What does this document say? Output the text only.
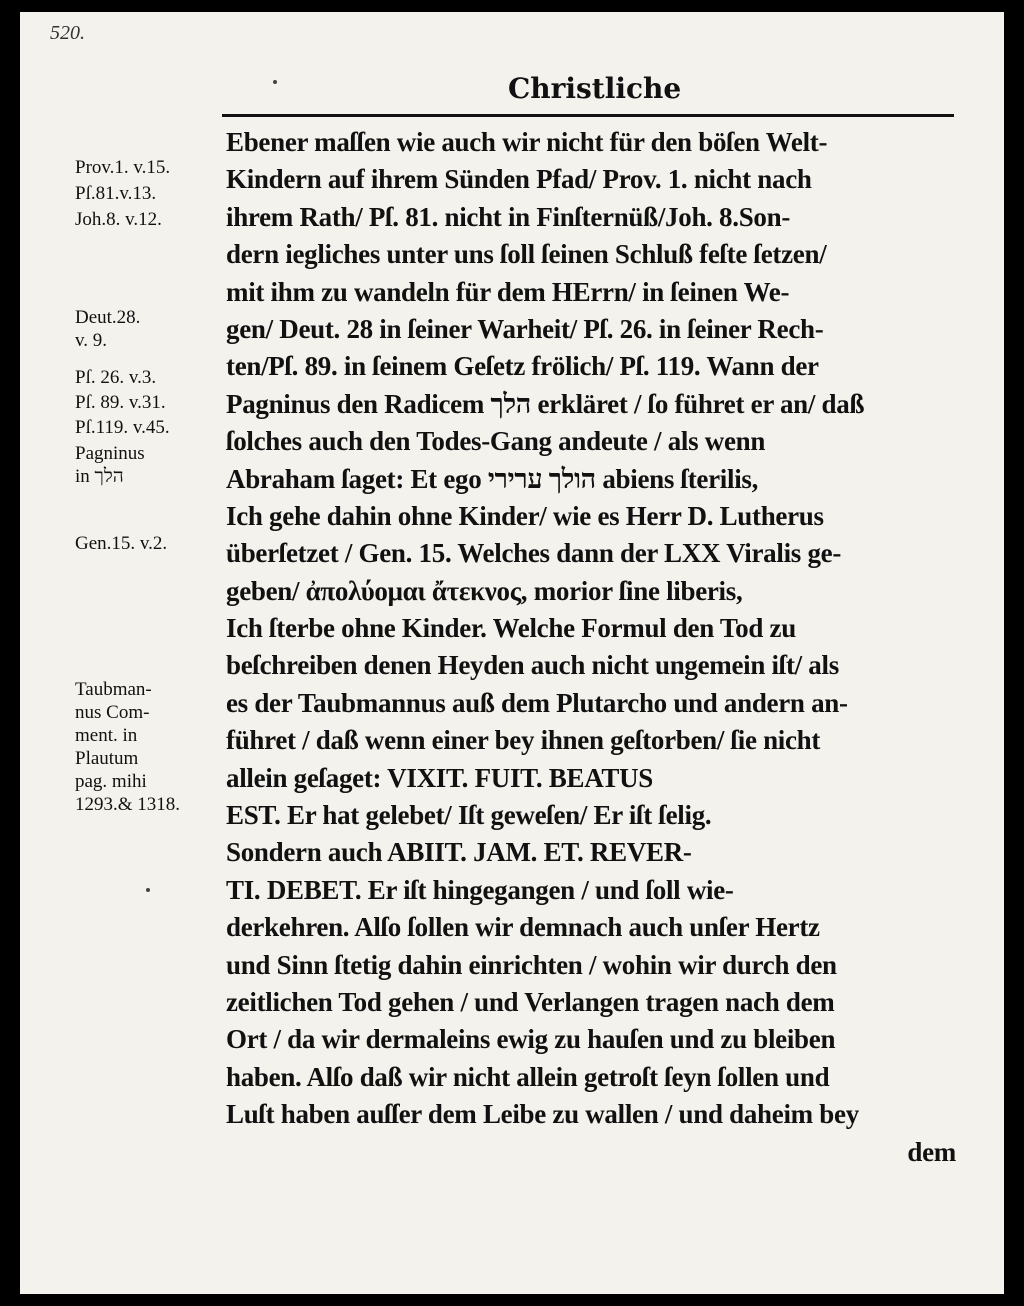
520.
Christliche
Prov.1. v.15.
Pſ.81.v.13.
Joh.8. v.12.
Deut.28.
v. 9.
Pſ. 26. v.3.
Pſ. 89. v.31.
Pſ.119. v.45.
Pagninus
in הלך
Gen.15. v.2.
Taubman-
nus Com-
ment. in
Plautum
pag. mihi
1293.& 1318.
Ebener maſſen wie auch wir nicht für den böſen Welt-
Kindern auf ihrem Sünden Pfad/ Prov. 1. nicht nach
ihrem Rath/ Pſ. 81. nicht in Finſternüß/Joh. 8.Son-
dern iegliches unter uns ſoll ſeinen Schluß feſte ſetzen/
mit ihm zu wandeln für dem HErrn/ in ſeinen We-
gen/ Deut. 28 in ſeiner Warheit/ Pſ. 26. in ſeiner Rech-
ten/Pſ. 89. in ſeinem Geſetz frölich/ Pſ. 119. Wann der
Pagninus den Radicem הלך erkläret / ſo führet er an/ daß
ſolches auch den Todes-Gang andeute / als wenn
Abraham ſaget: Et ego הולך ערירי abiens ſterilis,
Ich gehe dahin ohne Kinder/ wie es Herr D. Lutherus
überſetzet / Gen. 15. Welches dann der LXX Viralis ge-
geben/ ἀπολύομαι ἄτεκνος, morior ſine liberis,
Ich ſterbe ohne Kinder. Welche Formul den Tod zu
beſchreiben denen Heyden auch nicht ungemein iſt/ als
es der Taubmannus auß dem Plutarcho und andern an-
führet / daß wenn einer bey ihnen geſtorben/ ſie nicht
allein geſaget: VIXIT. FUIT. BEATUS
EST. Er hat gelebet/ Iſt geweſen/ Er iſt ſelig.
Sondern auch ABIIT. JAM. ET. REVER-
TI. DEBET. Er iſt hingegangen / und ſoll wie-
derkehren. Alſo ſollen wir demnach auch unſer Hertz
und Sinn ſtetig dahin einrichten / wohin wir durch den
zeitlichen Tod gehen / und Verlangen tragen nach dem
Ort / da wir dermaleins ewig zu hauſen und zu bleiben
haben. Alſo daß wir nicht allein getroſt ſeyn ſollen und
Luſt haben auſſer dem Leibe zu wallen / und daheim bey
dem
